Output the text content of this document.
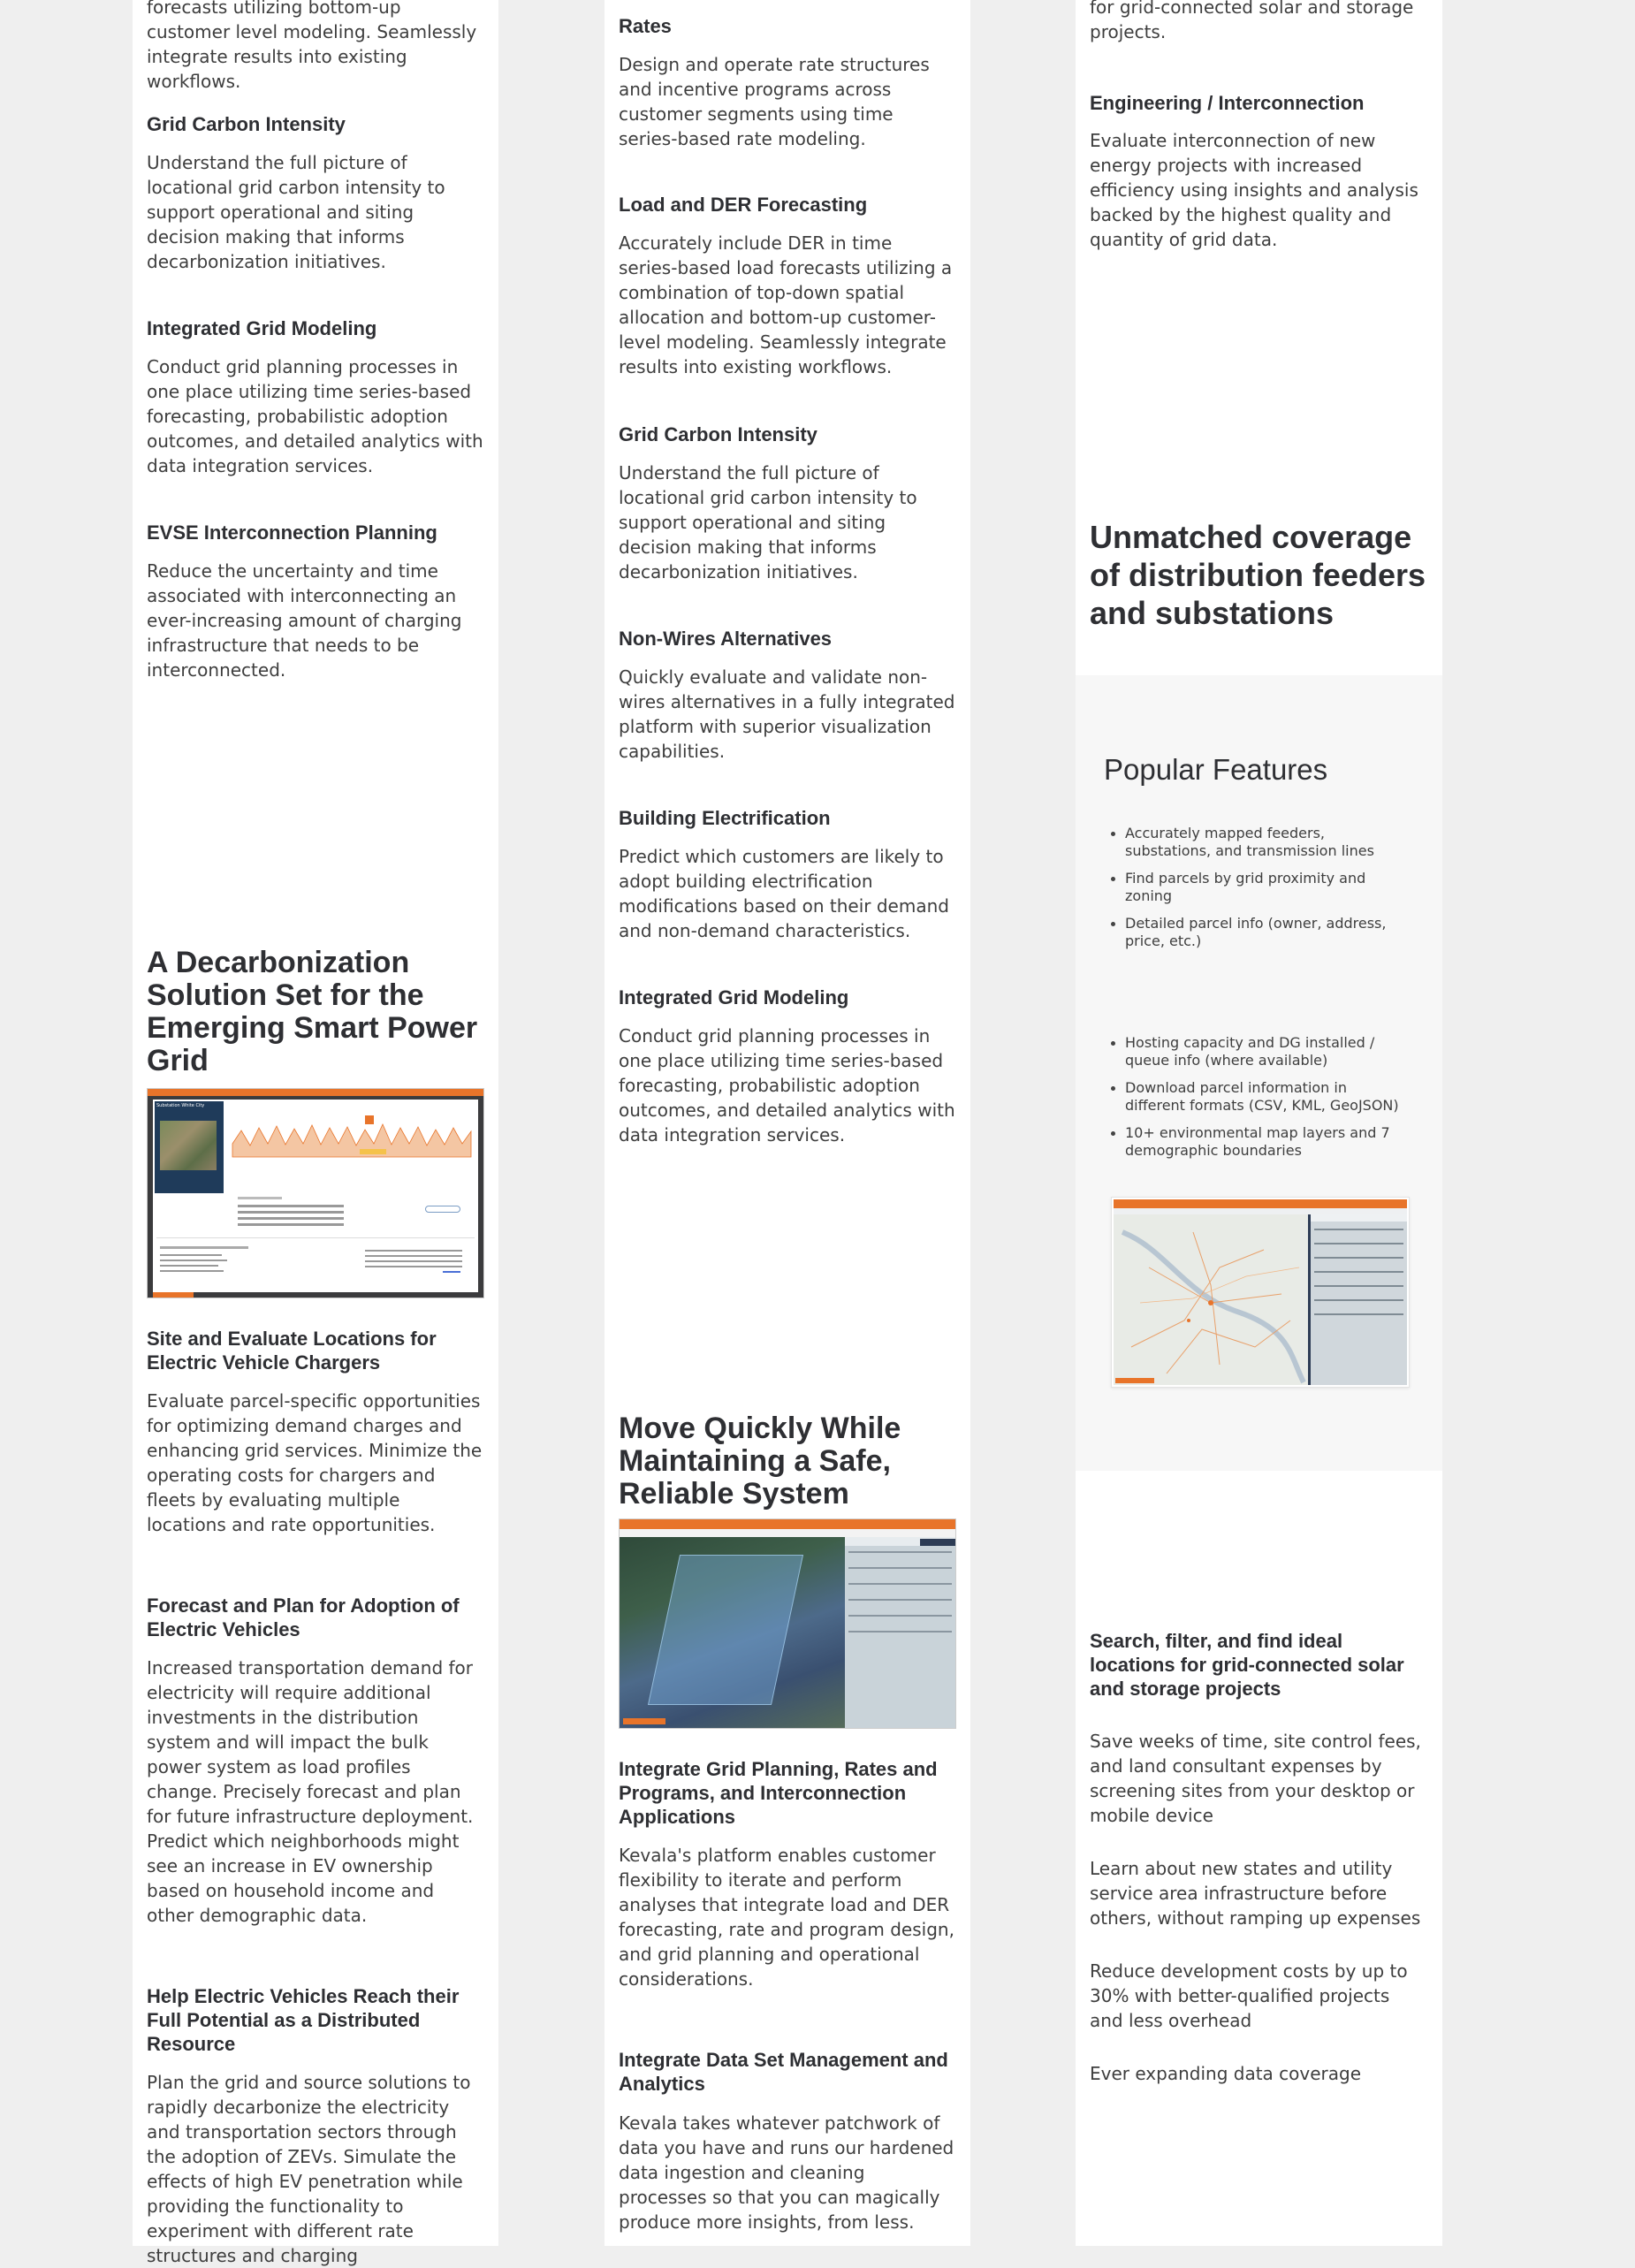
forecasts utilizing bottom-up customer level modeling. Seamlessly integrate results into existing workflows.
Grid Carbon Intensity
Understand the full picture of locational grid carbon intensity to support operational and siting decision making that informs decarbonization initiatives.
Integrated Grid Modeling
Conduct grid planning processes in one place utilizing time series-based forecasting, probabilistic adoption outcomes, and detailed analytics with data integration services.
EVSE Interconnection Planning
Reduce the uncertainty and time associated with interconnecting an ever-increasing amount of charging infrastructure that needs to be interconnected.
A Decarbonization Solution Set for the Emerging Smart Power Grid
Substation White City
Site and Evaluate Locations for Electric Vehicle Chargers
Evaluate parcel-specific opportunities for optimizing demand charges and enhancing grid services. Minimize the operating costs for chargers and fleets by evaluating multiple locations and rate opportunities.
Forecast and Plan for Adoption of Electric Vehicles
Increased transportation demand for electricity will require additional investments in the distribution system and will impact the bulk power system as load profiles change. Precisely forecast and plan for future infrastructure deployment. Predict which neighborhoods might see an increase in EV ownership based on household income and other demographic data.
Help Electric Vehicles Reach their Full Potential as a Distributed Resource
Plan the grid and source solutions to rapidly decarbonize the electricity and transportation sectors through the adoption of ZEVs. Simulate the effects of high EV penetration while providing the functionality to experiment with different rate structures and charging
Rates
Design and operate rate structures and incentive programs across customer segments using time series-based rate modeling.
Load and DER Forecasting
Accurately include DER in time series-based load forecasts utilizing a combination of top-down spatial allocation and bottom-up customer-level modeling. Seamlessly integrate results into existing workflows.
Grid Carbon Intensity
Understand the full picture of locational grid carbon intensity to support operational and siting decision making that informs decarbonization initiatives.
Non-Wires Alternatives
Quickly evaluate and validate non-wires alternatives in a fully integrated platform with superior visualization capabilities.
Building Electrification
Predict which customers are likely to adopt building electrification modifications based on their demand and non-demand characteristics.
Integrated Grid Modeling
Conduct grid planning processes in one place utilizing time series-based forecasting, probabilistic adoption outcomes, and detailed analytics with data integration services.
Move Quickly While Maintaining a Safe, Reliable System
Integrate Grid Planning, Rates and Programs, and Interconnection Applications
Kevala's platform enables customer flexibility to iterate and perform analyses that integrate load and DER forecasting, rate and program design, and grid planning and operational considerations.
Integrate Data Set Management and Analytics
Kevala takes whatever patchwork of data you have and runs our hardened data ingestion and cleaning processes so that you can magically produce more insights, from less.
for grid-connected solar and storage projects.
Engineering / Interconnection
Evaluate interconnection of new energy projects with increased efficiency using insights and analysis backed by the highest quality and quantity of grid data.
Unmatched coverage of distribution feeders and substations
Popular Features
Accurately mapped feeders, substations, and transmission lines
Find parcels by grid proximity and zoning
Detailed parcel info (owner, address, price, etc.)
Hosting capacity and DG installed / queue info (where available)
Download parcel information in different formats (CSV, KML, GeoJSON)
10+ environmental map layers and 7 demographic boundaries
Search, filter, and find ideal locations for grid-connected solar and storage projects
Save weeks of time, site control fees, and land consultant expenses by screening sites from your desktop or mobile device
Learn about new states and utility service area infrastructure before others, without ramping up expenses
Reduce development costs by up to 30% with better-qualified projects and less overhead
Ever expanding data coverage
